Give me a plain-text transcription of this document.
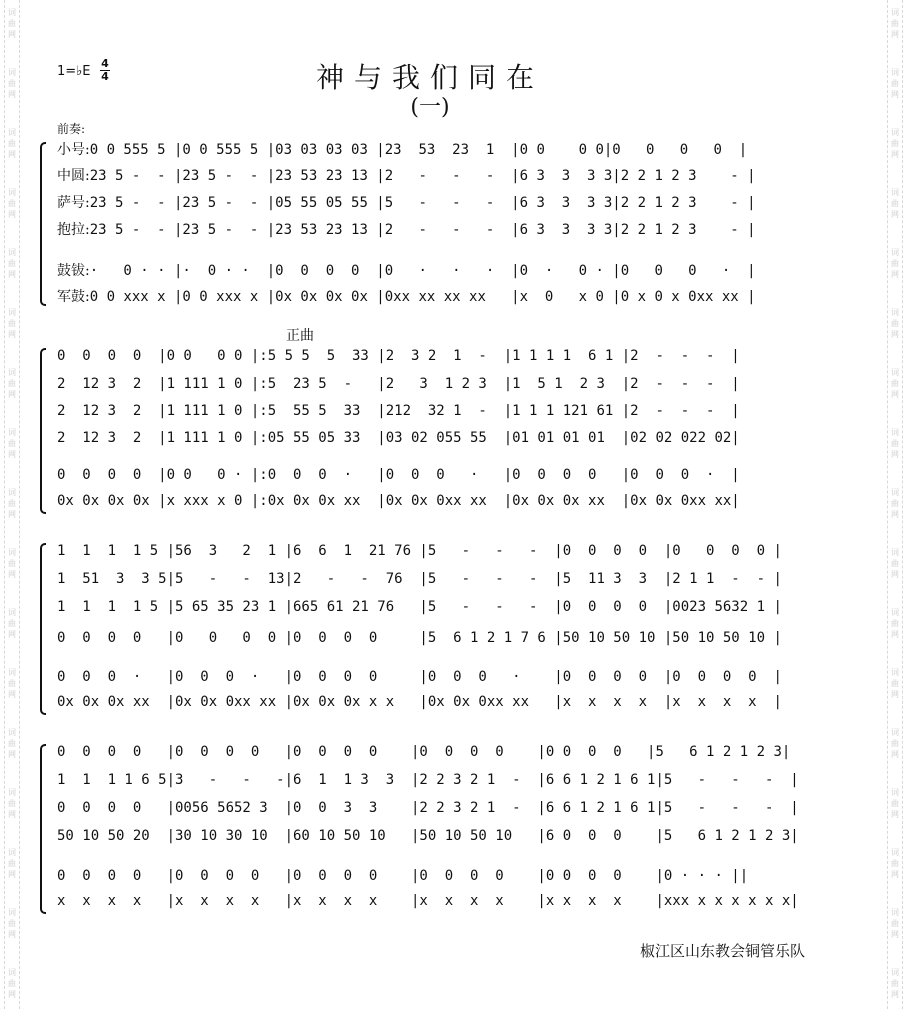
词
曲
网
词
曲
网
词
曲
网
词
曲
网
词
曲
网
词
曲
网
词
曲
网
词
曲
网
词
曲
网
词
曲
网
词
曲
网
词
曲
网
词
曲
网
词
曲
网
词
曲
网
词
曲
网
词
曲
网
词
曲
网
词
曲
网
词
曲
网
词
曲
网
词
曲
网
词
曲
网
词
曲
网
词
曲
网
词
曲
网
词
曲
网
词
曲
网
词
曲
网
词
曲
网
词
曲
网
词
曲
网
词
曲
网
词
曲
网
1=♭E
4
4	神与我们同在
(一)
前奏:
正曲
小号:0 0 555 5 |0 0 555 5 |03 03 03 03 |23  53  23  1  |0 0    0 0|0   0   0   0  |
中圆:23 5 -  - |23 5 -  - |23 53 23 13 |2   -   -   -  |6 3  3  3 3|2 2 1 2 3    - |
萨号:23 5 -  - |23 5 -  - |05 55 05 55 |5   -   -   -  |6 3  3  3 3|2 2 1 2 3    - |
抱拉:23 5 -  - |23 5 -  - |23 53 23 13 |2   -   -   -  |6 3  3  3 3|2 2 1 2 3    - |
鼓钹:·   0 · · |·  0 · ·  |0  0  0  0  |0   ·   ·   ·  |0  ·   0 · |0   0   0   ·  |
军鼓:0 0 xxx x |0 0 xxx x |0x 0x 0x 0x |0xx xx xx xx   |x  0   x 0 |0 x 0 x 0xx xx |
0  0  0  0  |0 0   0 0 |:5 5 5  5  33 |2  3 2  1  -  |1 1 1 1  6 1 |2  -  -  -  |
2  12 3  2  |1 111 1 0 |:5  23 5  -   |2   3  1 2 3  |1  5 1  2 3  |2  -  -  -  |
2  12 3  2  |1 111 1 0 |:5  55 5  33  |212  32 1  -  |1 1 1 121 61 |2  -  -  -  |
2  12 3  2  |1 111 1 0 |:05 55 05 33  |03 02 055 55  |01 01 01 01  |02 02 022 02|
0  0  0  0  |0 0   0 · |:0  0  0  ·   |0  0  0   ·   |0  0  0  0   |0  0  0  ·  |
0x 0x 0x 0x |x xxx x 0 |:0x 0x 0x xx  |0x 0x 0xx xx  |0x 0x 0x xx  |0x 0x 0xx xx|
1  1  1  1 5 |56  3   2  1 |6  6  1  21 76 |5   -   -   -  |0  0  0  0  |0   0  0  0 |
1  51  3  3 5|5   -   -  13|2   -   -  76  |5   -   -   -  |5  11 3  3  |2 1 1  -  - |
1  1  1  1 5 |5 65 35 23 1 |665 61 21 76   |5   -   -   -  |0  0  0  0  |0023 5632 1 |
0  0  0  0   |0   0   0  0 |0  0  0  0     |5  6 1 2 1 7 6 |50 10 50 10 |50 10 50 10 |
0  0  0  ·   |0  0  0  ·   |0  0  0  0     |0  0  0   ·    |0  0  0  0  |0  0  0  0  |
0x 0x 0x xx  |0x 0x 0xx xx |0x 0x 0x x x   |0x 0x 0xx xx   |x  x  x  x  |x  x  x  x  |
0  0  0  0   |0  0  0  0   |0  0  0  0    |0  0  0  0    |0 0  0  0   |5   6 1 2 1 2 3|
1  1  1 1 6 5|3   -   -   -|6  1  1 3  3  |2 2 3 2 1  -  |6 6 1 2 1 6 1|5   -   -   -  |
0  0  0  0   |0056 5652 3  |0  0  3  3    |2 2 3 2 1  -  |6 6 1 2 1 6 1|5   -   -   -  |
50 10 50 20  |30 10 30 10  |60 10 50 10   |50 10 50 10   |6 0  0  0    |5   6 1 2 1 2 3|
0  0  0  0   |0  0  0  0   |0  0  0  0    |0  0  0  0    |0 0  0  0    |0 · · · ||
x  x  x  x   |x  x  x  x   |x  x  x  x    |x  x  x  x    |x x  x  x    |xxx x x x x x x|
椒江区山东教会铜管乐队
